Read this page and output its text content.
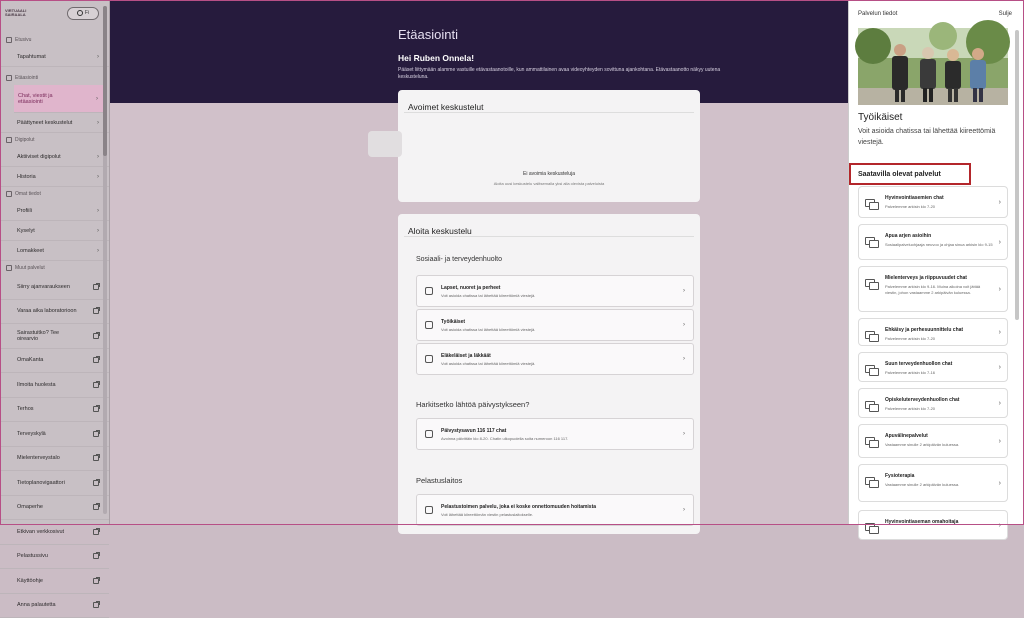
VIRTUAALI SAIRAALA	Fi
Etusivu
Tapahtumat	›
Etäasiointi
Chat, viestit ja etäasiointi	›
Päättyneet keskustelut	›
Digipolut
Aktiiviset digipolut	›
Historia	›
Omat tiedot
Profiili	›
Kyselyt	›
Lomakkeet	›
Muut palvelut
Siirry ajanvaraukseen
Varaa aika laboratorioon
Sairastuitko? Tee oirearvio
OmaKanta
Ilmoita huolesta
Terhos
Terveyskylä
Mielenterveystalo
Tietoplanovigaattori
Omaperhe
Etkivan verkkosivut
Pelastussivu
Käyttöohje
Anna palautetta
Etäasiointi
Hei Ruben Onnela!

Pääset liittymään alamme vastuille etävastaanotoille, kun ammattilainen avaa videoyhteyden sovittuna ajankohtana. Etävastaanotto näkyy uutena keskusteluna.

Avoimet keskustelut
Ei avoimia keskusteluja
Aloita uusi keskustelu valitsemalla yksi alla olevista palveluista
Aloita keskustelu
Sosiaali- ja terveydenhuolto
Lapset, nuoret ja perheet
Voit asioida chatissa tai lähettää kiireettömiä viestejä.
›
Työikäiset
Voit asioida chatissa tai lähettää kiireettömiä viestejä.
›
Eläkeläiset ja läkkäät
Voit asioida chatissa tai lähettää kiireettömiä viestejä.
›
Harkitsetko lähtöä päivystykseen?
Päivystysavun 116 117 chat
Avoinna päivittäin klo 8-20. Chatin ulkopuolella soita numeroon 116 117.
›
Pelastuslaitos
Pelastustoimen palvelu, joka ei koske onnettomuuden hoitamista
Voit lähettää kiireettömän viestin pelastuslaitokselle.
›
Palvelun tiedot	Sulje
Työikäiset
Voit asioida chatissa tai lähettää kiireettömiä viestejä.
Saatavilla olevat palvelut
Hyvinvointiasemien chat
Palvelemme arkisin klo 7-20
›
Apua arjen asioihin
Sosiaalipalveluohjaaja neuvoo ja ohjaa sinua arkisin klo 9-15 ›
Mielenterveys ja riippuvuudet chat
Palvelemme arkisin klo 9-16. Muina aikoina voit jättää viestin, johon vastaamme 2 arkipäivän kuluessa.	›
Ehkäisy ja perhesuunnittelu chat
Palvelemme arkisin klo 7-20
›
Suun terveydenhuollon chat
Palvelemme arkisin klo 7-16
›
Opiskeluterveydenhuollon chat
Palvelemme arkisin klo 7-20
›
Apuvälinepalvelut
Vastaamme sinulle 2 arkipäivän kuluessa.	›
Fysioterapia
Vastaamme sinulle 2 arkipäivän kuluessa.	›
Hyvinvointiaseman omahoitaja	›
